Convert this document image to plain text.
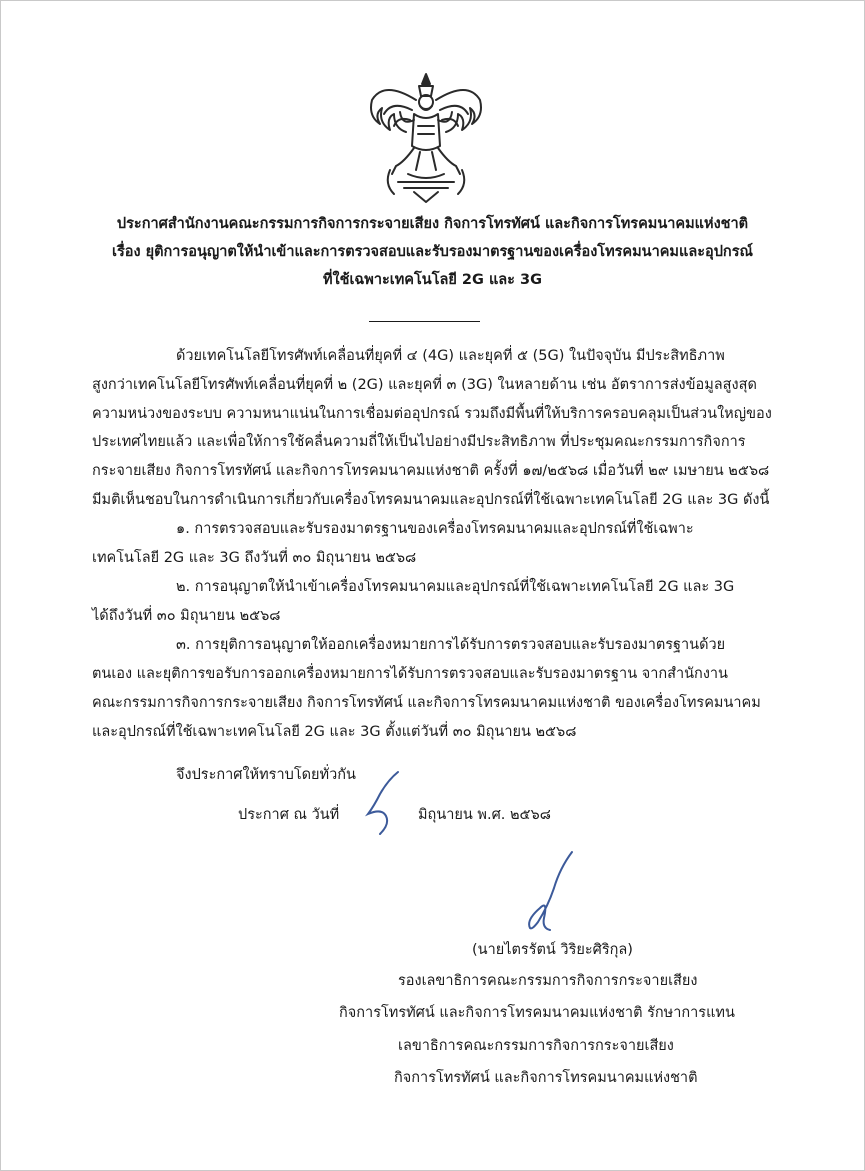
ประกาศสำนักงานคณะกรรมการกิจการกระจายเสียง กิจการโทรทัศน์ และกิจการโทรคมนาคมแห่งชาติ
เรื่อง ยุติการอนุญาตให้นำเข้าและการตรวจสอบและรับรองมาตรฐานของเครื่องโทรคมนาคมและอุปกรณ์
ที่ใช้เฉพาะเทคโนโลยี 2G และ 3G
ด้วยเทคโนโลยีโทรศัพท์เคลื่อนที่ยุคที่ ๔ (4G) และยุคที่ ๕ (5G) ในปัจจุบัน มีประสิทธิภาพ
สูงกว่าเทคโนโลยีโทรศัพท์เคลื่อนที่ยุคที่ ๒ (2G) และยุคที่ ๓ (3G) ในหลายด้าน เช่น อัตราการส่งข้อมูลสูงสุด
ความหน่วงของระบบ ความหนาแน่นในการเชื่อมต่ออุปกรณ์ รวมถึงมีพื้นที่ให้บริการครอบคลุมเป็นส่วนใหญ่ของ
ประเทศไทยแล้ว และเพื่อให้การใช้คลื่นความถี่ให้เป็นไปอย่างมีประสิทธิภาพ ที่ประชุมคณะกรรมการกิจการ
กระจายเสียง กิจการโทรทัศน์ และกิจการโทรคมนาคมแห่งชาติ ครั้งที่ ๑๗/๒๕๖๘ เมื่อวันที่ ๒๙ เมษายน ๒๕๖๘
มีมติเห็นชอบในการดำเนินการเกี่ยวกับเครื่องโทรคมนาคมและอุปกรณ์ที่ใช้เฉพาะเทคโนโลยี 2G และ 3G ดังนี้
๑. การตรวจสอบและรับรองมาตรฐานของเครื่องโทรคมนาคมและอุปกรณ์ที่ใช้เฉพาะ
เทคโนโลยี 2G และ 3G ถึงวันที่ ๓๐ มิถุนายน ๒๕๖๘
๒. การอนุญาตให้นำเข้าเครื่องโทรคมนาคมและอุปกรณ์ที่ใช้เฉพาะเทคโนโลยี 2G และ 3G
ได้ถึงวันที่ ๓๐ มิถุนายน ๒๕๖๘
๓. การยุติการอนุญาตให้ออกเครื่องหมายการได้รับการตรวจสอบและรับรองมาตรฐานด้วย
ตนเอง และยุติการขอรับการออกเครื่องหมายการได้รับการตรวจสอบและรับรองมาตรฐาน จากสำนักงาน
คณะกรรมการกิจการกระจายเสียง กิจการโทรทัศน์ และกิจการโทรคมนาคมแห่งชาติ ของเครื่องโทรคมนาคม
และอุปกรณ์ที่ใช้เฉพาะเทคโนโลยี 2G และ 3G ตั้งแต่วันที่ ๓๐ มิถุนายน ๒๕๖๘
จึงประกาศให้ทราบโดยทั่วกัน
ประกาศ ณ วันที่	มิถุนายน พ.ศ. ๒๕๖๘
(นายไตรรัตน์ วิริยะศิริกุล)
รองเลขาธิการคณะกรรมการกิจการกระจายเสียง
กิจการโทรทัศน์ และกิจการโทรคมนาคมแห่งชาติ รักษาการแทน
เลขาธิการคณะกรรมการกิจการกระจายเสียง
กิจการโทรทัศน์ และกิจการโทรคมนาคมแห่งชาติ
